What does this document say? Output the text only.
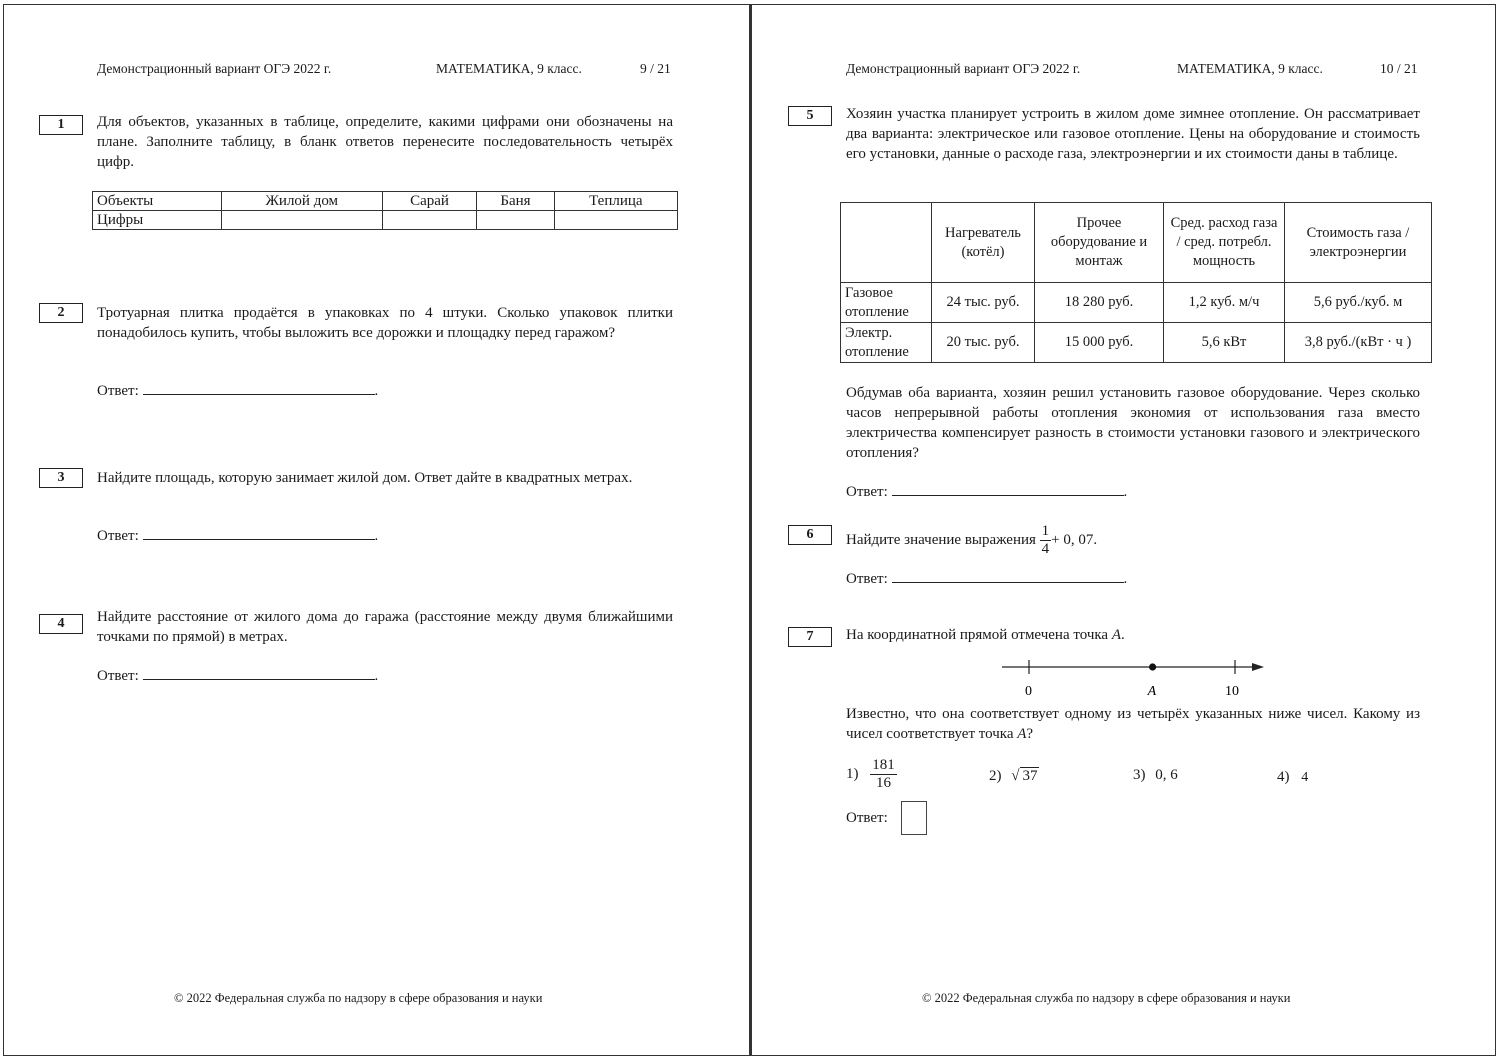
Демонстрационный вариант ОГЭ 2022 г.	МАТЕМАТИКА, 9 класс.	9 / 21
1	Для объектов, указанных в таблице, определите, какими цифрами они обозначены на плане. Заполните таблицу, в бланк ответов перенесите последовательность четырёх цифр.
Объекты	Жилой дом	Сарай	Баня	Теплица
Цифры				
2	Тротуарная плитка продаётся в упаковках по 4 штуки. Сколько упаковок плитки понадобилось купить, чтобы выложить все дорожки и площадку перед гаражом?
Ответ:	.
3	Найдите площадь, которую занимает жилой дом. Ответ дайте в квадратных метрах.
Ответ:	.
4	Найдите расстояние от жилого дома до гаража (расстояние между двумя ближайшими точками по прямой) в метрах.
Ответ:	.
© 2022 Федеральная служба по надзору в сфере образования и науки
Демонстрационный вариант ОГЭ 2022 г.	МАТЕМАТИКА, 9 класс.	10 / 21
5	Хозяин участка планирует устроить в жилом доме зимнее отопление. Он рассматривает два варианта: электрическое или газовое отопление. Цены на оборудование и стоимость его установки, данные о расходе газа, электроэнергии и их стоимости даны в таблице.
	Нагреватель (котёл)	Прочее оборудование и монтаж	Сред. расход газа / сред. потребл. мощность	Стоимость газа / электроэнергии
Газовое отопление	24 тыс. руб.	18 280 руб.	1,2 куб. м/ч	5,6 руб./куб. м
Электр. отопление	20 тыс. руб.	15 000 руб.	5,6 кВт	3,8 руб./(кВт · ч )
Обдумав оба варианта, хозяин решил установить газовое оборудование. Через сколько часов непрерывной работы отопления экономия от использования газа вместо электричества компенсирует разность в стоимости установки газового и электрического отопления?
Ответ:	.
6	Найдите значение выражения $\frac{1}{4} + 0$, 07.
Ответ:	.
7	На координатной прямой отмечена точка A.
0	A	10
Известно, что она соответствует одному из четырёх указанных ниже чисел. Какому из чисел соответствует точка A?
$1) \frac{181}{16}$	2) √ 37	3) 0, 6	4) 4
Ответ:
© 2022 Федеральная служба по надзору в сфере образования и науки
